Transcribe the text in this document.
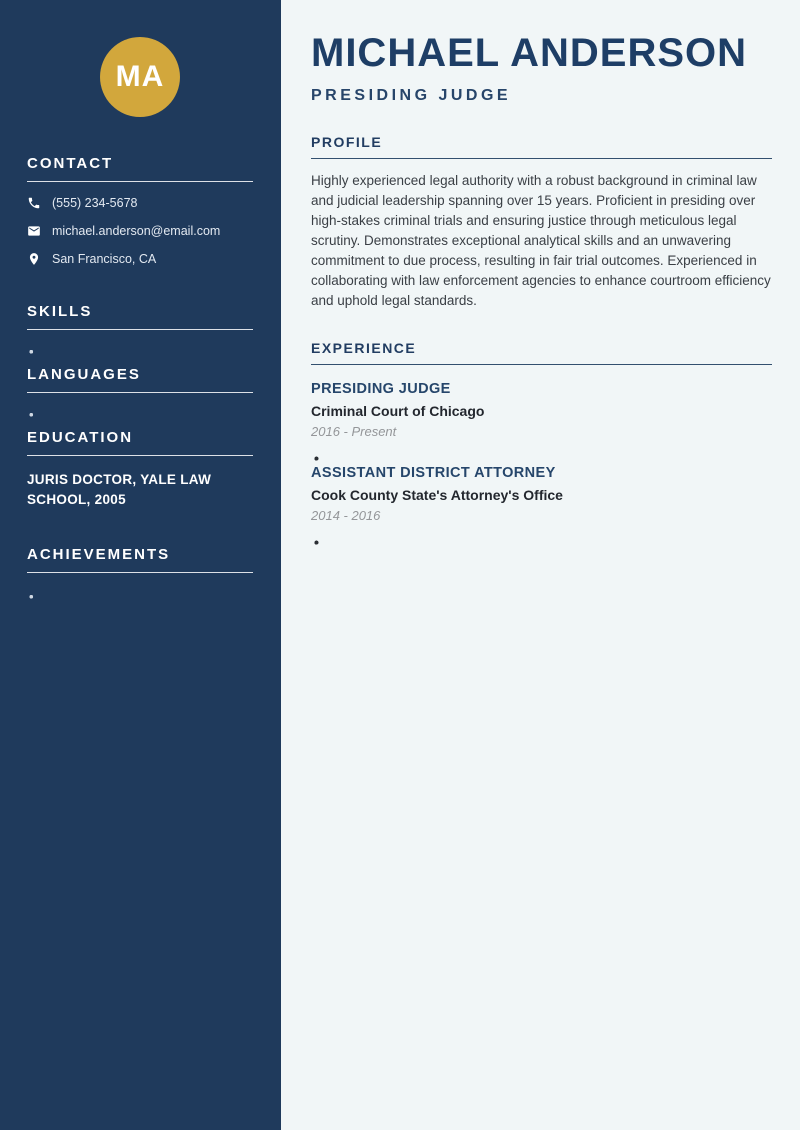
MA
CONTACT
(555) 234-5678
michael.anderson@email.com
San Francisco, CA
SKILLS
LANGUAGES
EDUCATION
JURIS DOCTOR, YALE LAW SCHOOL, 2005
ACHIEVEMENTS
MICHAEL ANDERSON
PRESIDING JUDGE
PROFILE

Highly experienced legal authority with a robust background in criminal law and judicial leadership spanning over 15 years. Proficient in presiding over high-stakes criminal trials and ensuring justice through meticulous legal scrutiny. Demonstrates exceptional analytical skills and an unwavering commitment to due process, resulting in fair trial outcomes. Experienced in collaborating with law enforcement agencies to enhance courtroom efficiency and uphold legal standards.

EXPERIENCE
PRESIDING JUDGE
Criminal Court of Chicago
2016 - Present
ASSISTANT DISTRICT ATTORNEY
Cook County State's Attorney's Office
2014 - 2016
